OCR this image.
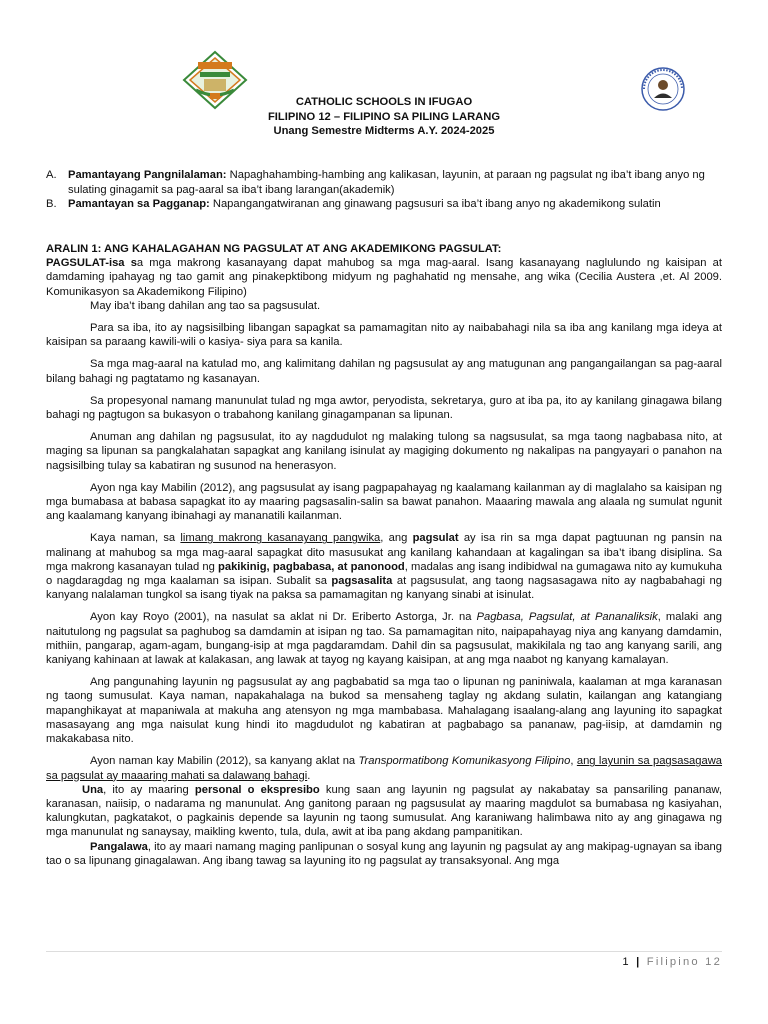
CATHOLIC SCHOOLS IN IFUGAO
FILIPINO 12 – FILIPINO SA PILING LARANG
Unang Semestre Midterms A.Y. 2024-2025
A.	Pamantayang Pangnilalaman: Napaghahambing-hambing ang kalikasan, layunin, at paraan ng pagsulat ng iba’t ibang anyo ng sulating ginagamit sa pag-aaral sa iba’t ibang larangan(akademik)
B.	Pamantayan sa Pagganap: Napangangatwiranan ang ginawang pagsusuri sa iba’t ibang anyo ng akademikong sulatin

ARALIN 1: ANG KAHALAGAHAN NG PAGSULAT AT ANG AKADEMIKONG PAGSULAT:

PAGSULAT-isa sa mga makrong kasanayang dapat mahubog sa mga mag-aaral. Isang kasanayang naglulundo ng kaisipan at damdaming ipahayag ng tao gamit ang pinakepktibong midyum ng paghahatid ng mensahe, ang wika (Cecilia Austera ,et. Al 2009. Komunikasyon sa Akademikong Filipino)

May iba’t ibang dahilan ang tao sa pagsusulat.

Para sa iba, ito ay nagsisilbing libangan sapagkat sa pamamagitan nito ay naibabahagi nila sa iba ang kanilang mga ideya at kaisipan sa paraang kawili-wili o kasiya- siya para sa kanila.

Sa mga mag-aaral na katulad mo, ang kalimitang dahilan ng pagsusulat ay ang matugunan ang pangangailangan sa pag-aaral bilang bahagi ng pagtatamo ng kasanayan.

Sa propesyonal namang manunulat tulad ng mga awtor, peryodista, sekretarya, guro at iba pa, ito ay kanilang ginagawa bilang bahagi ng pagtugon sa bukasyon o trabahong kanilang ginagampanan sa lipunan.

Anuman ang dahilan ng pagsusulat, ito ay nagdudulot ng malaking tulong sa nagsusulat, sa mga taong nagbabasa nito, at maging sa lipunan sa pangkalahatan sapagkat ang kanilang isinulat ay magiging dokumento ng nakalipas na pangyayari o panahon na nagsisilbing tulay sa kabatiran ng susunod na henerasyon.

Ayon nga kay Mabilin (2012), ang pagsusulat ay isang pagpapahayag ng kaalamang kailanman ay di maglalaho sa kaisipan ng mga bumabasa at babasa sapagkat ito ay maaring pagsasalin-salin sa bawat panahon. Maaaring mawala ang alaala ng sumulat ngunit ang kaalamang kanyang ibinahagi ay mananatili kailanman.

Kaya naman, sa limang makrong kasanayang pangwika, ang pagsulat ay isa rin sa mga dapat pagtuunan ng pansin na malinang at mahubog sa mga mag-aaral sapagkat dito masusukat ang kanilang kahandaan at kagalingan sa iba’t ibang disiplina. Sa mga makrong kasanayan tulad ng pakikinig, pagbabasa, at panonood, madalas ang isang indibidwal na gumagawa nito ay kumukuha o nagdaragdag ng mga kaalaman sa isipan. Subalit sa pagsasalita at pagsusulat, ang taong nagsasagawa nito ay nagbabahagi ng kanyang nalalaman tungkol sa isang tiyak na paksa sa pamamagitan ng kanyang sinabi at isinulat.

Ayon kay Royo (2001), na nasulat sa aklat ni Dr. Eriberto Astorga, Jr. na Pagbasa, Pagsulat, at Pananaliksik, malaki ang naitutulong ng pagsulat sa paghubog sa damdamin at isipan ng tao. Sa pamamagitan nito, naipapahayag niya ang kanyang damdamin, mithiin, pangarap, agam-agam, bungang-isip at mga pagdaramdam. Dahil din sa pagsusulat, makikilala ng tao ang kanyang sarili, ang kaniyang kahinaan at lawak at kalakasan, ang lawak at tayog ng kayang kaisipan, at ang mga naabot ng kanyang kamalayan.

Ang pangunahing layunin ng pagsusulat ay ang pagbabatid sa mga tao o lipunan ng paniniwala, kaalaman at mga karanasan ng taong sumusulat. Kaya naman, napakahalaga na bukod sa mensaheng taglay ng akdang sulatin, kailangan ang katangiang mapanghikayat at mapaniwala at makuha ang atensyon ng mga mambabasa. Mahalagang isaalang-alang ang layuning ito sapagkat masasayang ang mga naisulat kung hindi ito magdudulot ng kabatiran at pagbabago sa pananaw, pag-iisip, at damdamin ng makakabasa nito.

Ayon naman kay Mabilin (2012), sa kanyang aklat na Transpormatibong Komunikasyong Filipino, ang layunin sa pagsasagawa sa pagsulat ay maaaring mahati sa dalawang bahagi.

Una, ito ay maaring personal o ekspresibo kung saan ang layunin ng pagsulat ay nakabatay sa pansariling pananaw, karanasan, naiisip, o nadarama ng manunulat. Ang ganitong paraan ng pagsusulat ay maaring magdulot sa bumabasa ng kasiyahan, kalungkutan, pagkatakot, o pagkainis depende sa layunin ng taong sumusulat. Ang karaniwang halimbawa nito ay ang ginagawa ng mga manunulat ng sanaysay, maikling kwento, tula, dula, awit at iba pang akdang pampanitikan.

Pangalawa, ito ay maari namang maging panlipunan o sosyal kung ang layunin ng pagsulat ay ang makipag-ugnayan sa ibang tao o sa lipunang ginagalawan. Ang ibang tawag sa layuning ito ng pagsulat ay transaksyonal. Ang mga

1 | Filipino 12
